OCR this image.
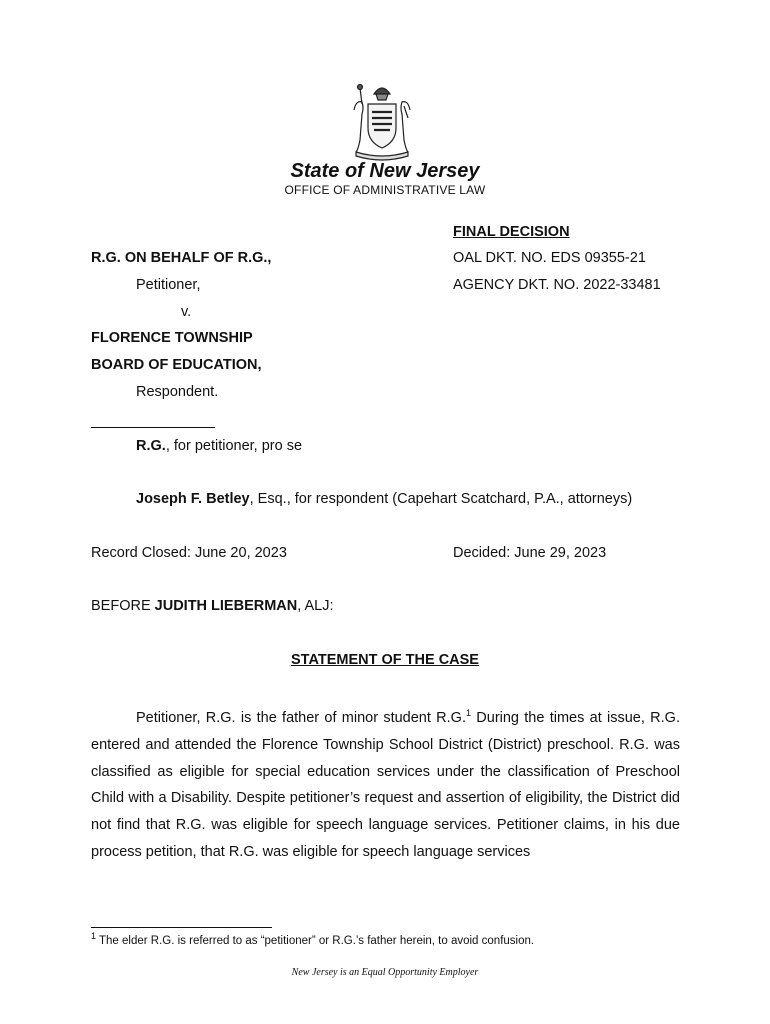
State of New Jersey
OFFICE OF ADMINISTRATIVE LAW
FINAL DECISION
OAL DKT. NO. EDS 09355-21
AGENCY DKT. NO. 2022-33481
R.G. ON BEHALF OF R.G.,
Petitioner,
v.
FLORENCE TOWNSHIP
BOARD OF EDUCATION,
Respondent.
R.G., for petitioner, pro se
Joseph F. Betley, Esq., for respondent (Capehart Scatchard, P.A., attorneys)
Record Closed: June 20, 2023	Decided: June 29, 2023
BEFORE JUDITH LIEBERMAN, ALJ:
STATEMENT OF THE CASE

Petitioner, R.G. is the father of minor student R.G.$^1$ During the times at issue, R.G. entered and attended the Florence Township School District (District) preschool. R.G. was classified as eligible for special education services under the classification of Preschool Child with a Disability. Despite petitioner’s request and assertion of eligibility, the District did not find that R.G. was eligible for speech language services. Petitioner claims, in his due process petition, that R.G. was eligible for speech language services

$^1$ The elder R.G. is referred to as “petitioner” or R.G.’s father herein, to avoid confusion.
New Jersey is an Equal Opportunity Employer
